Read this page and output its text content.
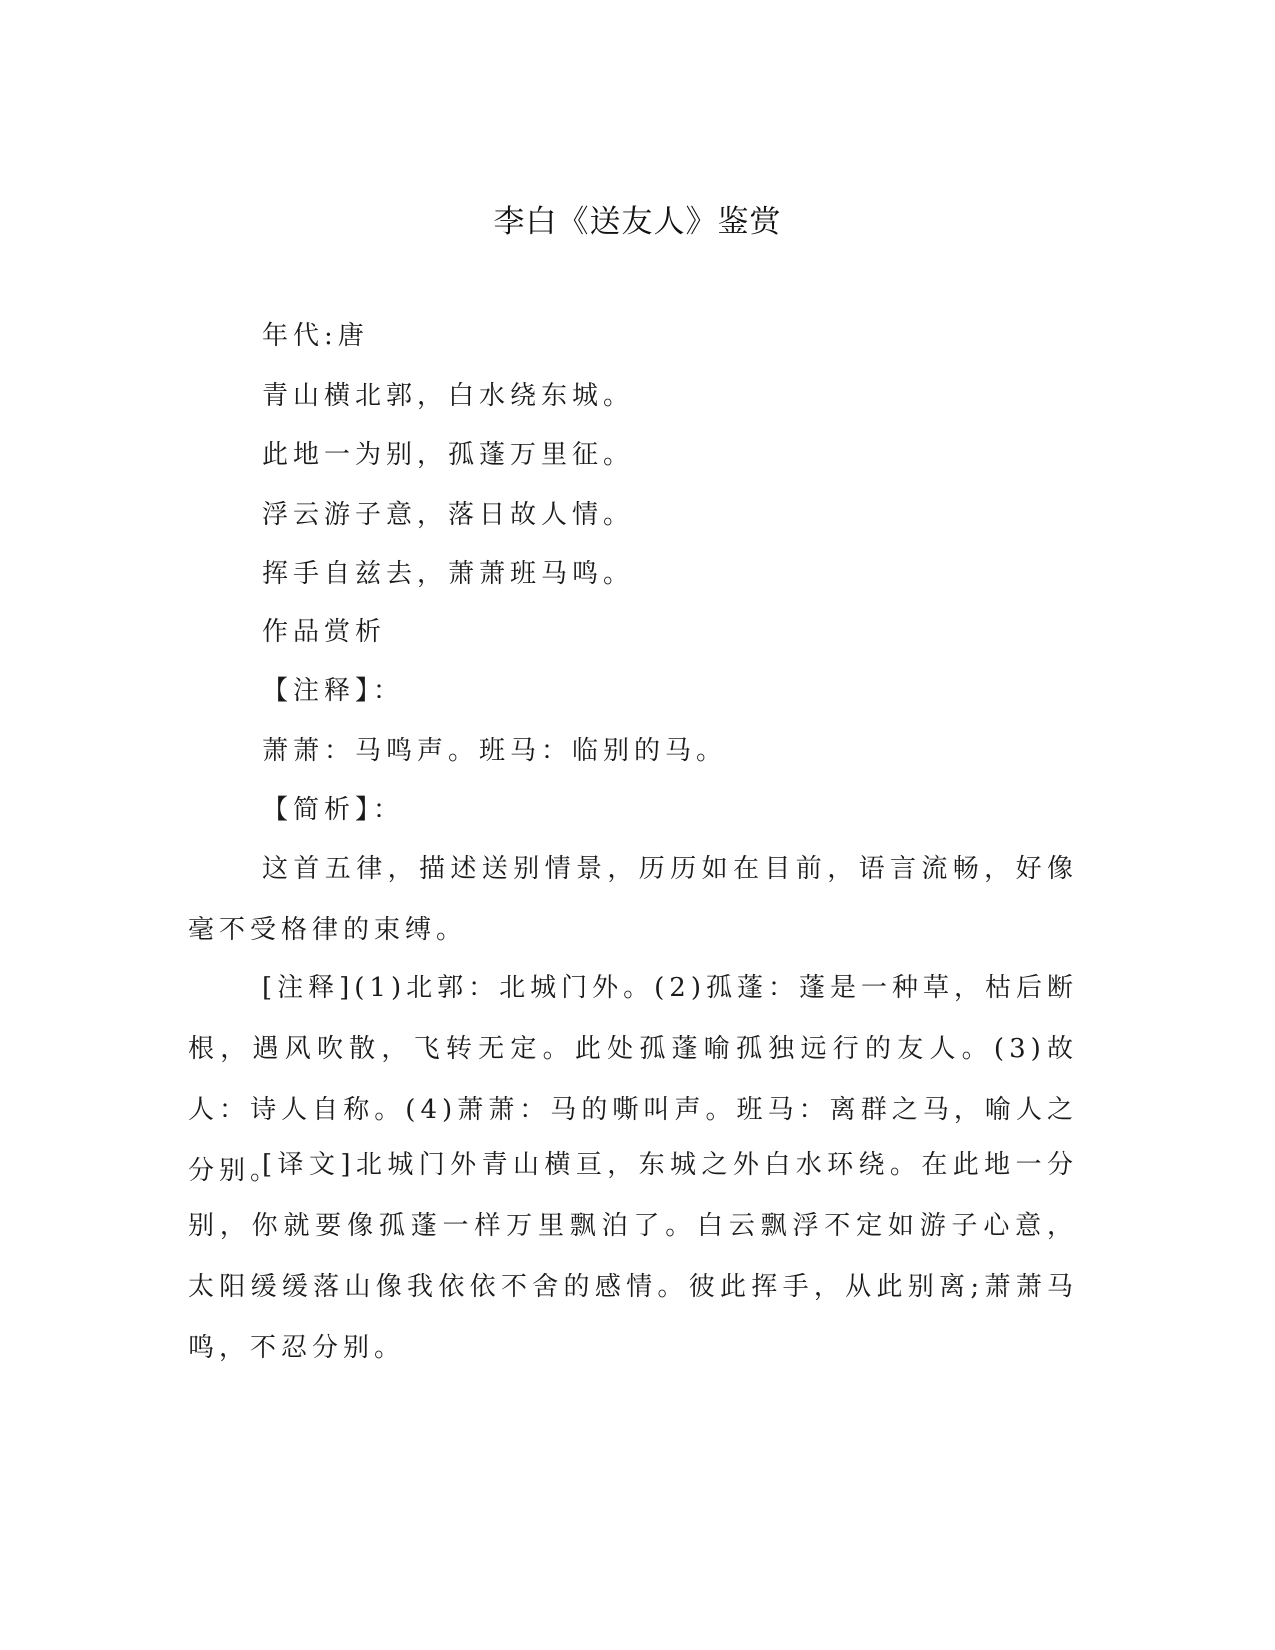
李白《送友人》鉴赏
年代:唐
青山横北郭，白水绕东城。
此地一为别，孤蓬万里征。
浮云游子意，落日故人情。
挥手自兹去，萧萧班马鸣。
作品赏析
【注释】：
萧萧：马鸣声。班马：临别的马。
【简析】：
这首五律，描述送别情景，历历如在目前，语言流畅，好像毫不受格律的束缚。
[注释](1)北郭：北城门外。(2)孤蓬：蓬是一种草，枯后断根，遇风吹散，飞转无定。此处孤蓬喻孤独远行的友人。(3)故人：诗人自称。(4)萧萧：马的嘶叫声。班马：离群之马，喻人之分别。
[译文]北城门外青山横亘，东城之外白水环绕。在此地一分别，你就要像孤蓬一样万里飘泊了。白云飘浮不定如游子心意，太阳缓缓落山像我依依不舍的感情。彼此挥手，从此别离;萧萧马鸣，不忍分别。
